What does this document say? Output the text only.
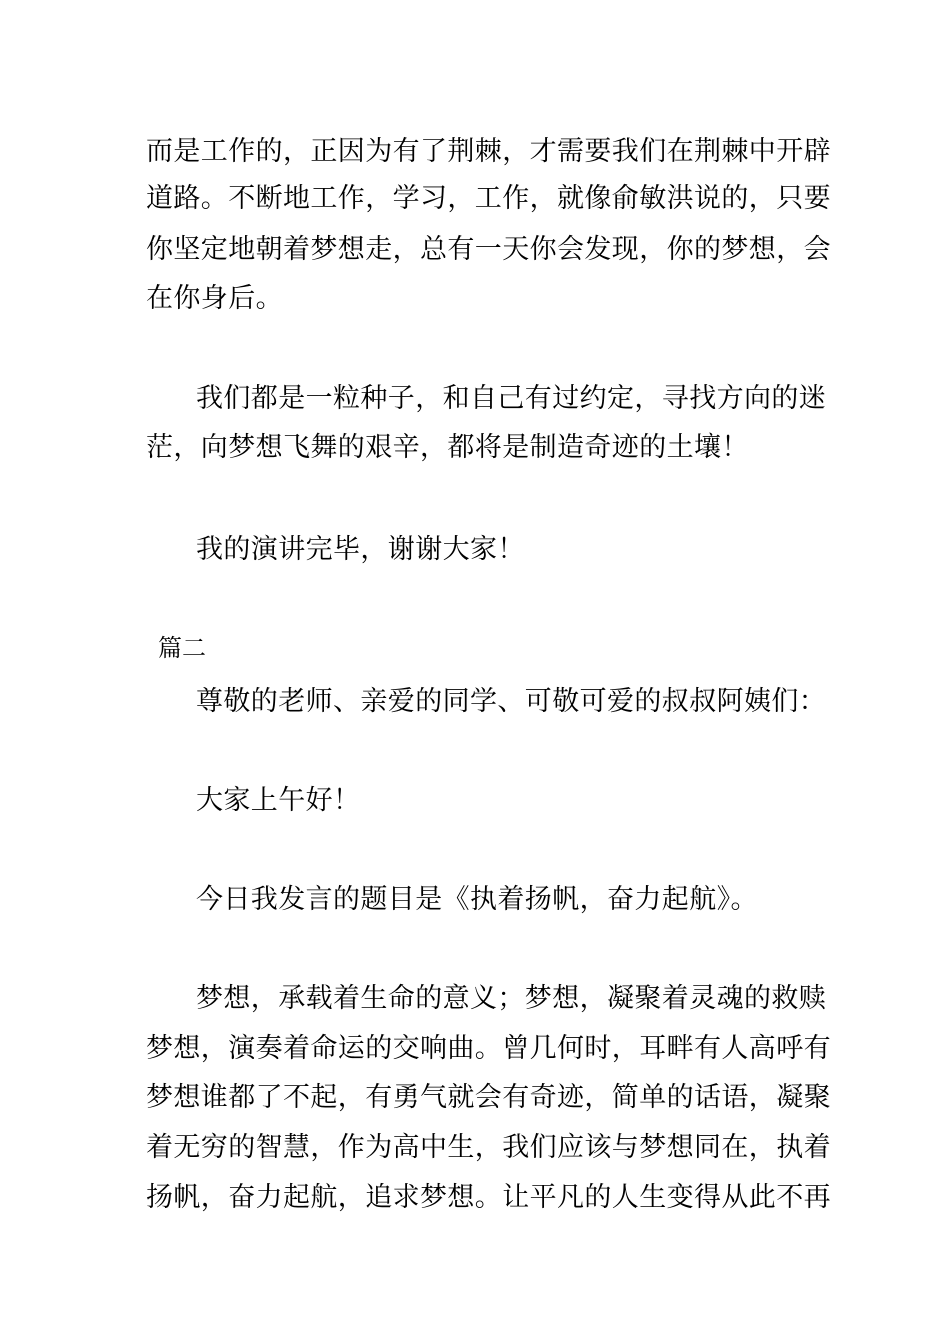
而是工作的，正因为有了荆棘，才需要我们在荆棘中开辟
道路。不断地工作，学习，工作，就像俞敏洪说的，只要
你坚定地朝着梦想走，总有一天你会发现，你的梦想，会
在你身后。
我们都是一粒种子，和自己有过约定，寻找方向的迷
茫，向梦想飞舞的艰辛，都将是制造奇迹的土壤！
我的演讲完毕，谢谢大家！
篇二
尊敬的老师、亲爱的同学、可敬可爱的叔叔阿姨们：
大家上午好！
今日我发言的题目是《执着扬帆，奋力起航》。
梦想，承载着生命的意义；梦想，凝聚着灵魂的救赎
梦想，演奏着命运的交响曲。曾几何时，耳畔有人高呼有
梦想谁都了不起，有勇气就会有奇迹，简单的话语，凝聚
着无穷的智慧，作为高中生，我们应该与梦想同在，执着
扬帆，奋力起航，追求梦想。让平凡的人生变得从此不再
